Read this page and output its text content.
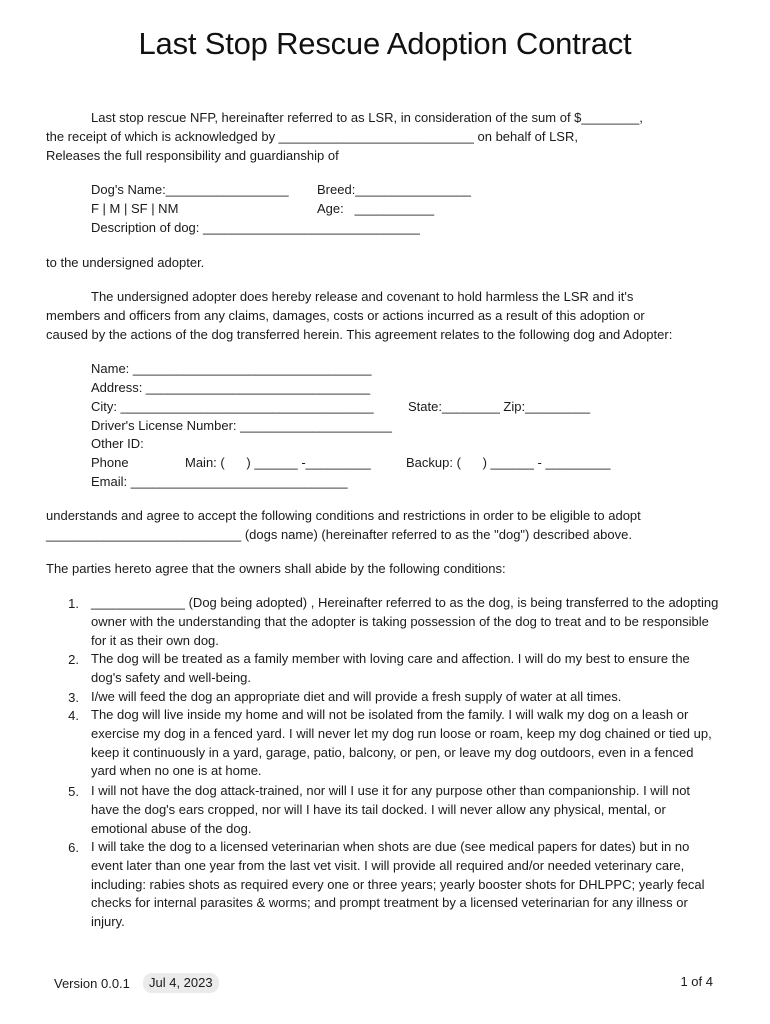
Last Stop Rescue Adoption Contract
Last stop rescue NFP, hereinafter referred to as LSR, in consideration of the sum of $________,
the receipt of which is acknowledged by ___________________________ on behalf of LSR,
Releases the full responsibility and guardianship of
Dog's Name:_________________ Breed:________________
F | M | SF | NM	Age:   ___________
Description of dog: ______________________________
to the undersigned adopter.
The undersigned adopter does hereby release and covenant to hold harmless the LSR and it's
members and officers from any claims, damages, costs or actions incurred as a result of this adoption or
caused by the actions of the dog transferred herein. This agreement relates to the following dog and Adopter:
Name: _________________________________
Address: _______________________________
City: ___________________________________	State:________ Zip:_________
Driver's License Number: _____________________
Other ID:
Phone	Main: (      ) ______ -_________	Backup: (      ) ______ - _________
Email: ______________________________
understands and agree to accept the following conditions and restrictions in order to be eligible to adopt
___________________________ (dogs name) (hereinafter referred to as the "dog") described above.
The parties hereto agree that the owners shall abide by the following conditions:
1. _____________ (Dog being adopted) , Hereinafter referred to as the dog, is being transferred to the adopting owner with the understanding that the adopter is taking possession of the dog to treat and to be responsible for it as their own dog.
2. The dog will be treated as a family member with loving care and affection. I will do my best to ensure the dog's safety and well-being.
3. I/we will feed the dog an appropriate diet and will provide a fresh supply of water at all times.
4. The dog will live inside my home and will not be isolated from the family. I will walk my dog on a leash or exercise my dog in a fenced yard. I will never let my dog run loose or roam, keep my dog chained or tied up, keep it continuously in a yard, garage, patio, balcony, or pen, or leave my dog outdoors, even in a fenced yard when no one is at home.
5. I will not have the dog attack-trained, nor will I use it for any purpose other than companionship. I will not have the dog's ears cropped, nor will I have its tail docked. I will never allow any physical, mental, or emotional abuse of the dog.
6. I will take the dog to a licensed veterinarian when shots are due (see medical papers for dates) but in no event later than one year from the last vet visit. I will provide all required and/or needed veterinary care, including: rabies shots as required every one or three years; yearly booster shots for DHLPPC; yearly fecal checks for internal parasites & worms; and prompt treatment by a licensed veterinarian for any illness or injury.
Version 0.0.1	Jul 4, 2023	1 of 4
